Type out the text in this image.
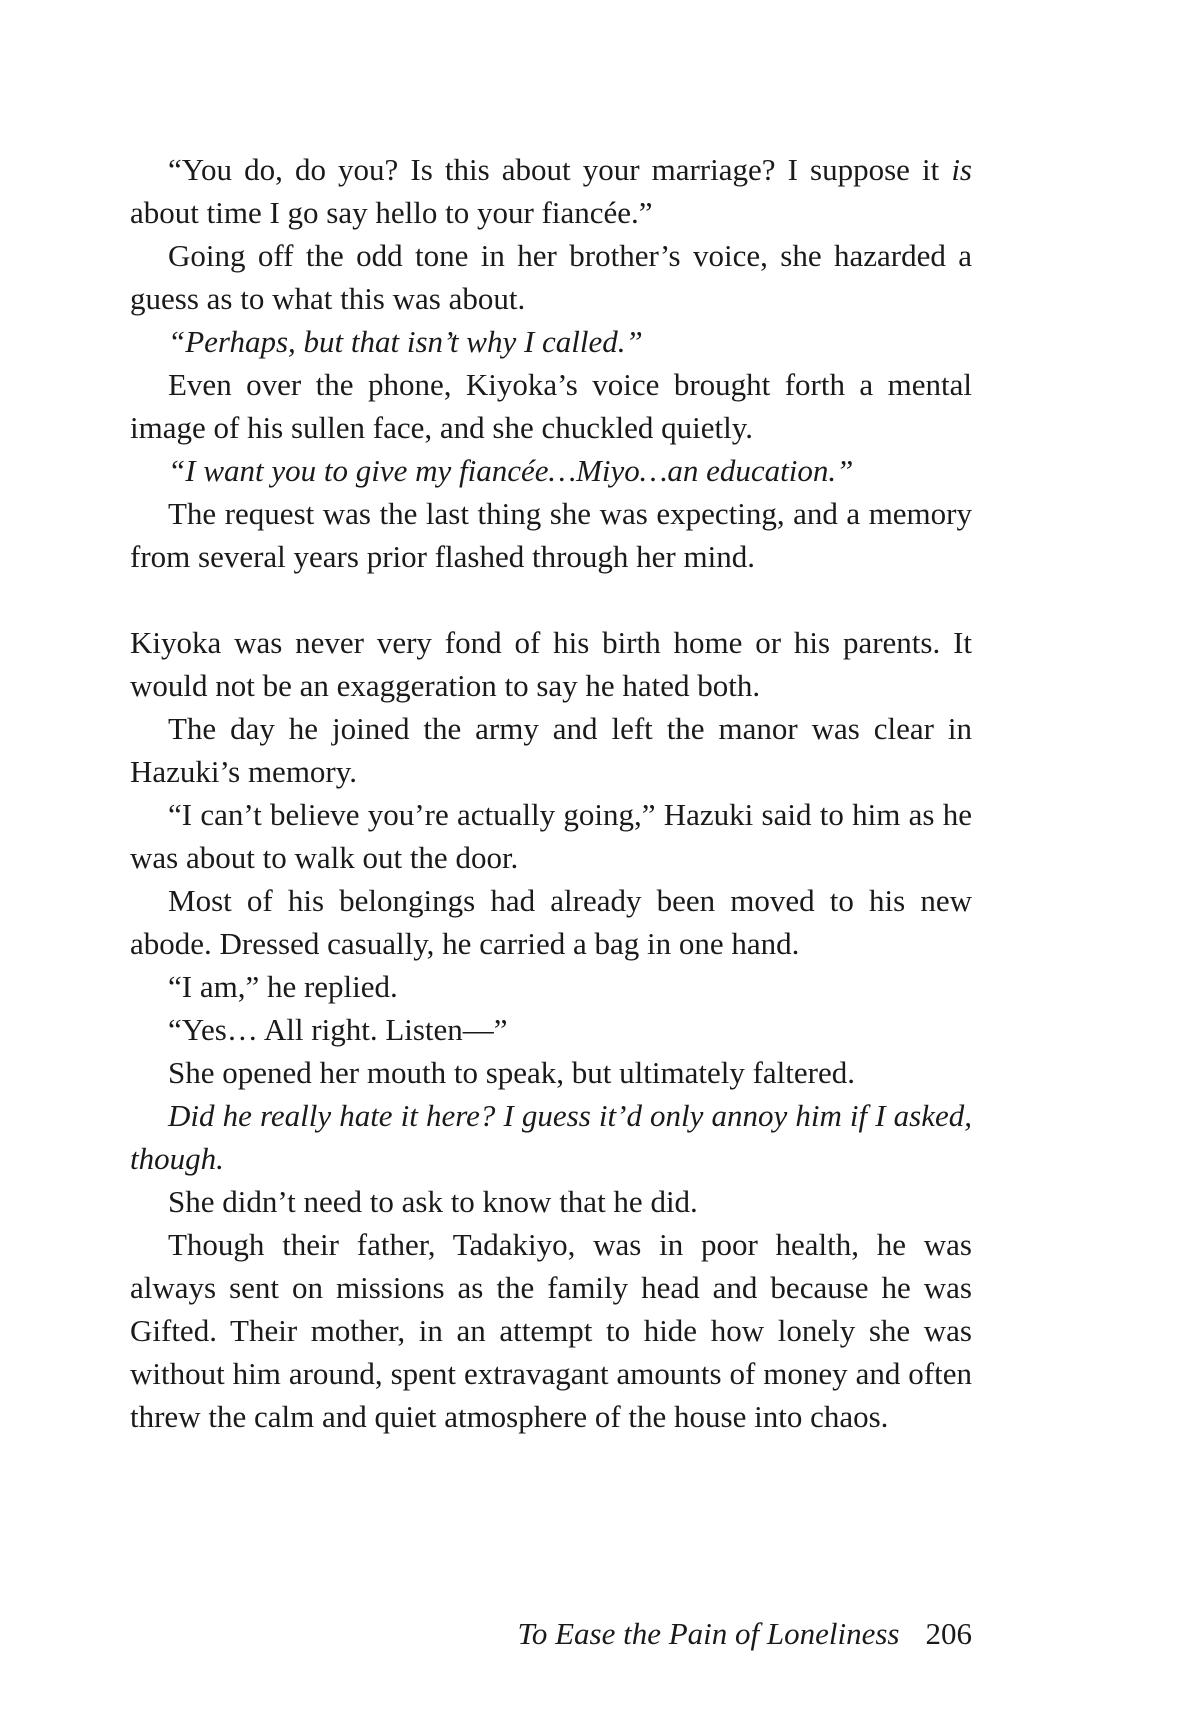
“You do, do you? Is this about your marriage? I suppose it is about time I go say hello to your fiancée.”

Going off the odd tone in her brother’s voice, she hazarded a guess as to what this was about.

“Perhaps, but that isn’t why I called.”

Even over the phone, Kiyoka’s voice brought forth a mental image of his sullen face, and she chuckled quietly.

“I want you to give my fiancée…Miyo…an education.”

The request was the last thing she was expecting, and a memory from several years prior flashed through her mind.

Kiyoka was never very fond of his birth home or his parents. It would not be an exaggeration to say he hated both.

The day he joined the army and left the manor was clear in Hazuki’s memory.

“I can’t believe you’re actually going,” Hazuki said to him as he was about to walk out the door.

Most of his belongings had already been moved to his new abode. Dressed casually, he carried a bag in one hand.

“I am,” he replied.

“Yes… All right. Listen—”

She opened her mouth to speak, but ultimately faltered.

Did he really hate it here? I guess it’d only annoy him if I asked, though.

She didn’t need to ask to know that he did.

Though their father, Tadakiyo, was in poor health, he was always sent on missions as the family head and because he was Gifted. Their mother, in an attempt to hide how lonely she was without him around, spent extravagant amounts of money and often threw the calm and quiet atmosphere of the house into chaos.

To Ease the Pain of Loneliness 206
